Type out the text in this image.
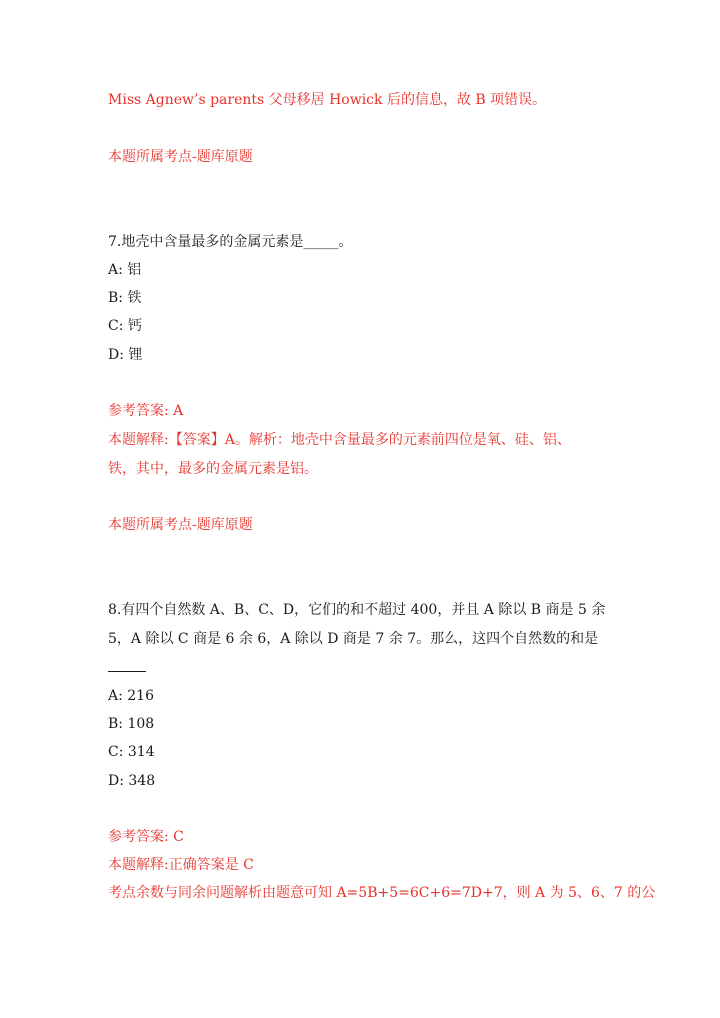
Miss Agnew’s parents 父母移居 Howick 后的信息，故 B 项错误。
本题所属考点-题库原题
7.地壳中含量最多的金属元素是_____。
A: 铝
B: 铁
C: 钙
D: 锂
参考答案: A
本题解释:【答案】A。解析：地壳中含量最多的元素前四位是氧、硅、铝、
铁，其中，最多的金属元素是铝。
本题所属考点-题库原题
8.有四个自然数 A、B、C、D，它们的和不超过 400，并且 A 除以 B 商是 5 余
5，A 除以 C 商是 6 余 6，A 除以 D 商是 7 余 7。那么，这四个自然数的和是
A: 216
B: 108
C: 314
D: 348
参考答案: C
本题解释:正确答案是 C
考点余数与同余问题解析由题意可知 A=5B+5=6C+6=7D+7，则 A 为 5、6、7 的公
